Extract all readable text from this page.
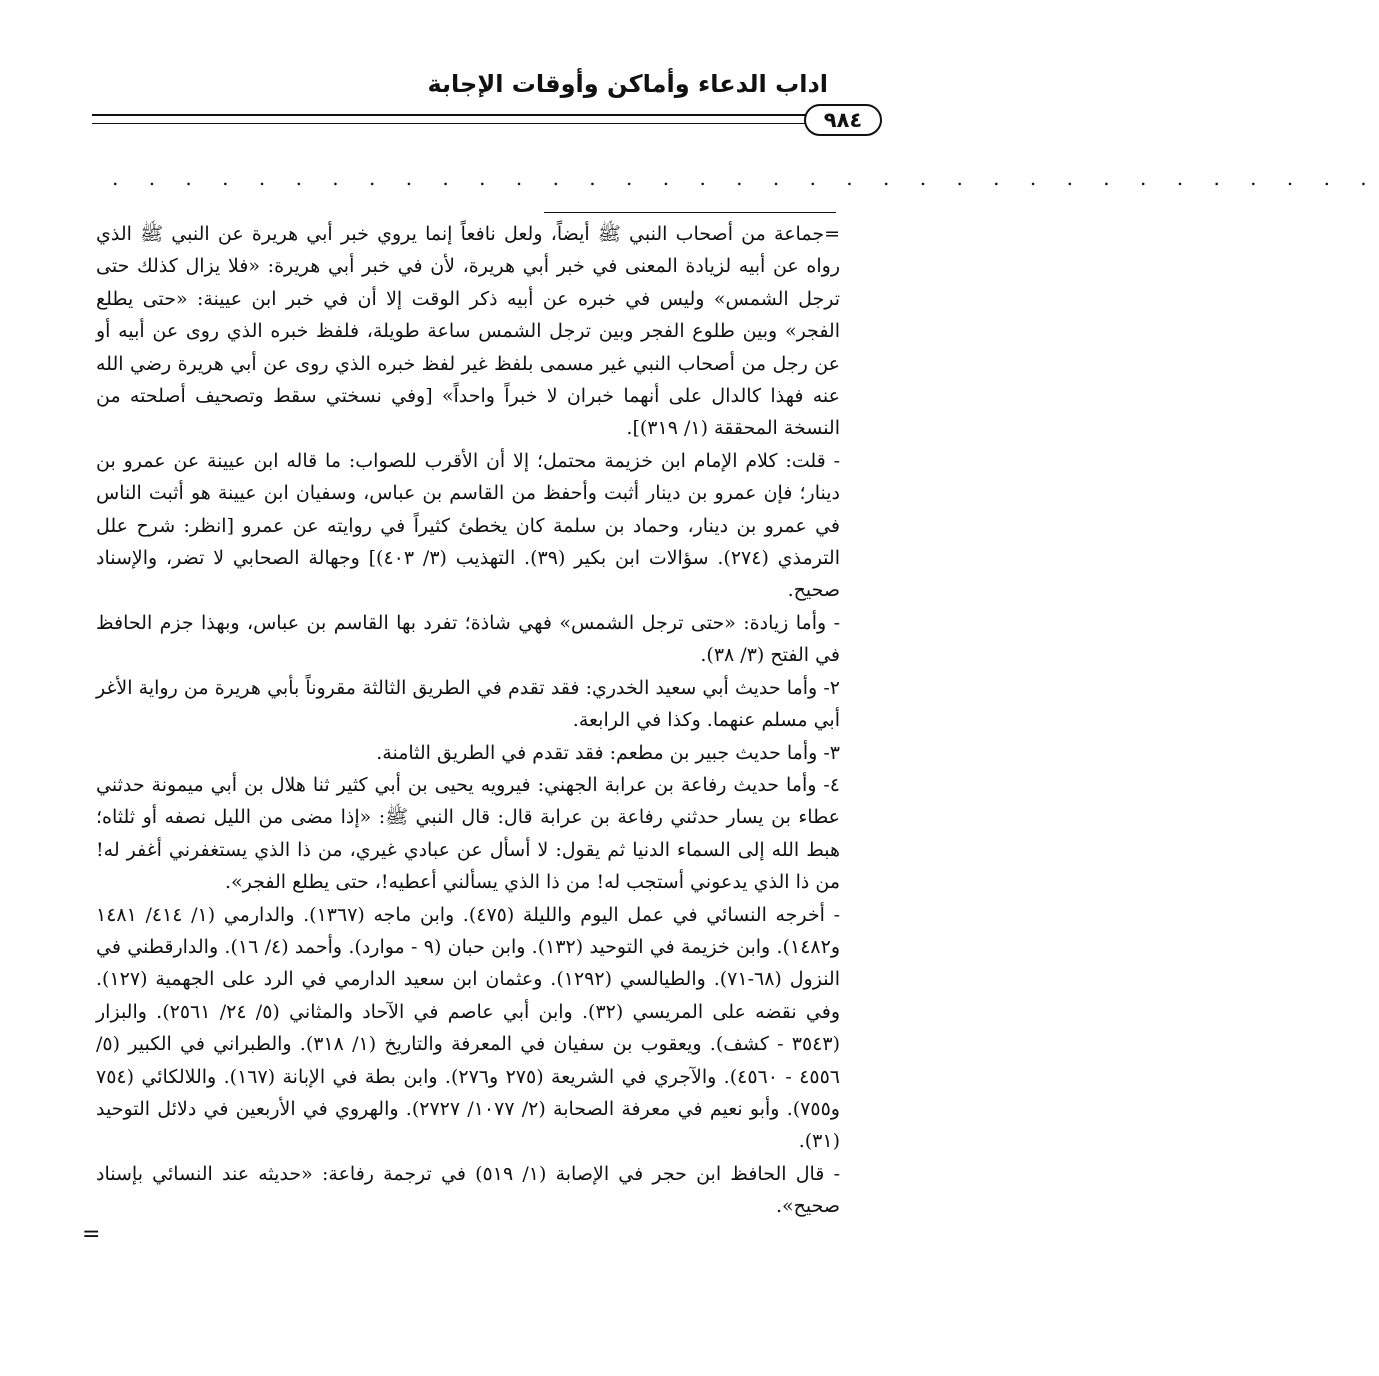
اداب الدعاء وأماكن وأوقات الإجابة
٩٨٤
. . . . . . . . . . . . . . . . . . . . . . . . . . . . . . . . . . .

=جماعة من أصحاب النبي ﷺ أيضاً، ولعل نافعاً إنما يروي خبر أبي هريرة عن النبي ﷺ الذي رواه عن أبيه لزيادة المعنى في خبر أبي هريرة، لأن في خبر أبي هريرة: «فلا يزال كذلك حتى ترجل الشمس» وليس في خبره عن أبيه ذكر الوقت إلا أن في خبر ابن عيينة: «حتى يطلع الفجر» وبين طلوع الفجر وبين ترجل الشمس ساعة طويلة، فلفظ خبره الذي روى عن أبيه أو عن رجل من أصحاب النبي غير مسمى بلفظ غير لفظ خبره الذي روى عن أبي هريرة رضي الله عنه فهذا كالدال على أنهما خبران لا خبراً واحداً» [وفي نسختي سقط وتصحيف أصلحته من النسخة المحققة (١/ ٣١٩)].

- قلت: كلام الإمام ابن خزيمة محتمل؛ إلا أن الأقرب للصواب: ما قاله ابن عيينة عن عمرو بن دينار؛ فإن عمرو بن دينار أثبت وأحفظ من القاسم بن عباس، وسفيان ابن عيينة هو أثبت الناس في عمرو بن دينار، وحماد بن سلمة كان يخطئ كثيراً في روايته عن عمرو [انظر: شرح علل الترمذي (٢٧٤). سؤالات ابن بكير (٣٩). التهذيب (٣/ ٤٠٣)] وجهالة الصحابي لا تضر، والإسناد صحيح.

- وأما زيادة: «حتى ترجل الشمس» فهي شاذة؛ تفرد بها القاسم بن عباس، وبهذا جزم الحافظ في الفتح (٣/ ٣٨).

٢- وأما حديث أبي سعيد الخدري: فقد تقدم في الطريق الثالثة مقروناً بأبي هريرة من رواية الأغر أبي مسلم عنهما. وكذا في الرابعة.

٣- وأما حديث جبير بن مطعم: فقد تقدم في الطريق الثامنة.

٤- وأما حديث رفاعة بن عرابة الجهني: فيرويه يحيى بن أبي كثير ثنا هلال بن أبي ميمونة حدثني عطاء بن يسار حدثني رفاعة بن عرابة قال: قال النبي ﷺ: «إذا مضى من الليل نصفه أو ثلثاه؛ هبط الله إلى السماء الدنيا ثم يقول: لا أسأل عن عبادي غيري، من ذا الذي يستغفرني أغفر له! من ذا الذي يدعوني أستجب له! من ذا الذي يسألني أعطيه!، حتى يطلع الفجر».

- أخرجه النسائي في عمل اليوم والليلة (٤٧٥). وابن ماجه (١٣٦٧). والدارمي (١/ ٤١٤/ ١٤٨١ و١٤٨٢). وابن خزيمة في التوحيد (١٣٢). وابن حبان (٩ - موارد). وأحمد (٤/ ١٦). والدارقطني في النزول (٦٨-٧١). والطيالسي (١٢٩٢). وعثمان ابن سعيد الدارمي في الرد على الجهمية (١٢٧). وفي نقضه على المريسي (٣٢). وابن أبي عاصم في الآحاد والمثاني (٥/ ٢٤/ ٢٥٦١). والبزار (٣٥٤٣ - كشف). ويعقوب بن سفيان في المعرفة والتاريخ (١/ ٣١٨). والطبراني في الكبير (٥/ ٤٥٥٦ - ٤٥٦٠). والآجري في الشريعة (٢٧٥ و٢٧٦). وابن بطة في الإبانة (١٦٧). واللالكائي (٧٥٤ و٧٥٥). وأبو نعيم في معرفة الصحابة (٢/ ١٠٧٧/ ٢٧٢٧). والهروي في الأربعين في دلائل التوحيد (٣١).

- قال الحافظ ابن حجر في الإصابة (١/ ٥١٩) في ترجمة رفاعة: «حديثه عند النسائي بإسناد صحيح».

=
